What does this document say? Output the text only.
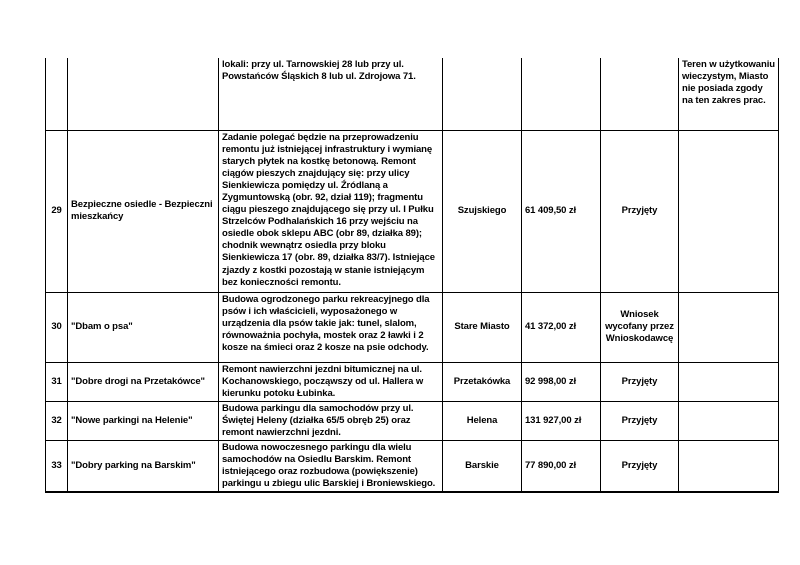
		lokali: przy ul. Tarnowskiej 28 lub przy ul. Powstańców Śląskich 8 lub ul. Zdrojowa 71.				Teren w użytkowaniu wieczystym, Miasto nie posiada zgody na ten zakres prac.
29	Bezpieczne osiedle - Bezpieczni mieszkańcy	Zadanie polegać będzie na przeprowadzeniu remontu już istniejącej infrastruktury i wymianę starych płytek na kostkę betonową. Remont ciągów pieszych znajdujący się: przy ulicy Sienkiewicza pomiędzy ul. Źródlaną a Zygmuntowską (obr. 92, dział 119); fragmentu ciągu pieszego znajdującego się przy ul. I Pułku Strzelców Podhalańskich 16 przy wejściu na osiedle obok sklepu ABC (obr 89, działka 89); chodnik wewnątrz osiedla przy bloku Sienkiewicza 17 (obr. 89, działka 83/7). Istniejące zjazdy z kostki pozostają w stanie istniejącym bez konieczności remontu.	Szujskiego	61 409,50 zł	Przyjęty	
30	"Dbam o psa"	Budowa ogrodzonego parku rekreacyjnego dla psów i ich właścicieli, wyposażonego w urządzenia dla psów takie jak: tunel, slalom, równoważnia pochyła, mostek oraz 2 ławki i 2 kosze na śmieci oraz 2 kosze na psie odchody.	Stare Miasto	41 372,00 zł	Wniosek wycofany przez Wnioskodawcę	
31	"Dobre drogi na Przetakówce"	Remont nawierzchni jezdni bitumicznej na ul. Kochanowskiego, począwszy od ul. Hallera w kierunku potoku Łubinka.	Przetakówka	92 998,00 zł	Przyjęty	
32	"Nowe parkingi na Helenie"	Budowa parkingu dla samochodów przy ul. Świętej Heleny (działka 65/5 obręb 25) oraz remont nawierzchni jezdni.	Helena	131 927,00 zł	Przyjęty	
33	"Dobry parking na Barskim"	Budowa nowoczesnego parkingu dla wielu samochodów na Osiedlu Barskim. Remont istniejącego oraz rozbudowa (powiększenie) parkingu u zbiegu ulic Barskiej i Broniewskiego.	Barskie	77 890,00 zł	Przyjęty	
